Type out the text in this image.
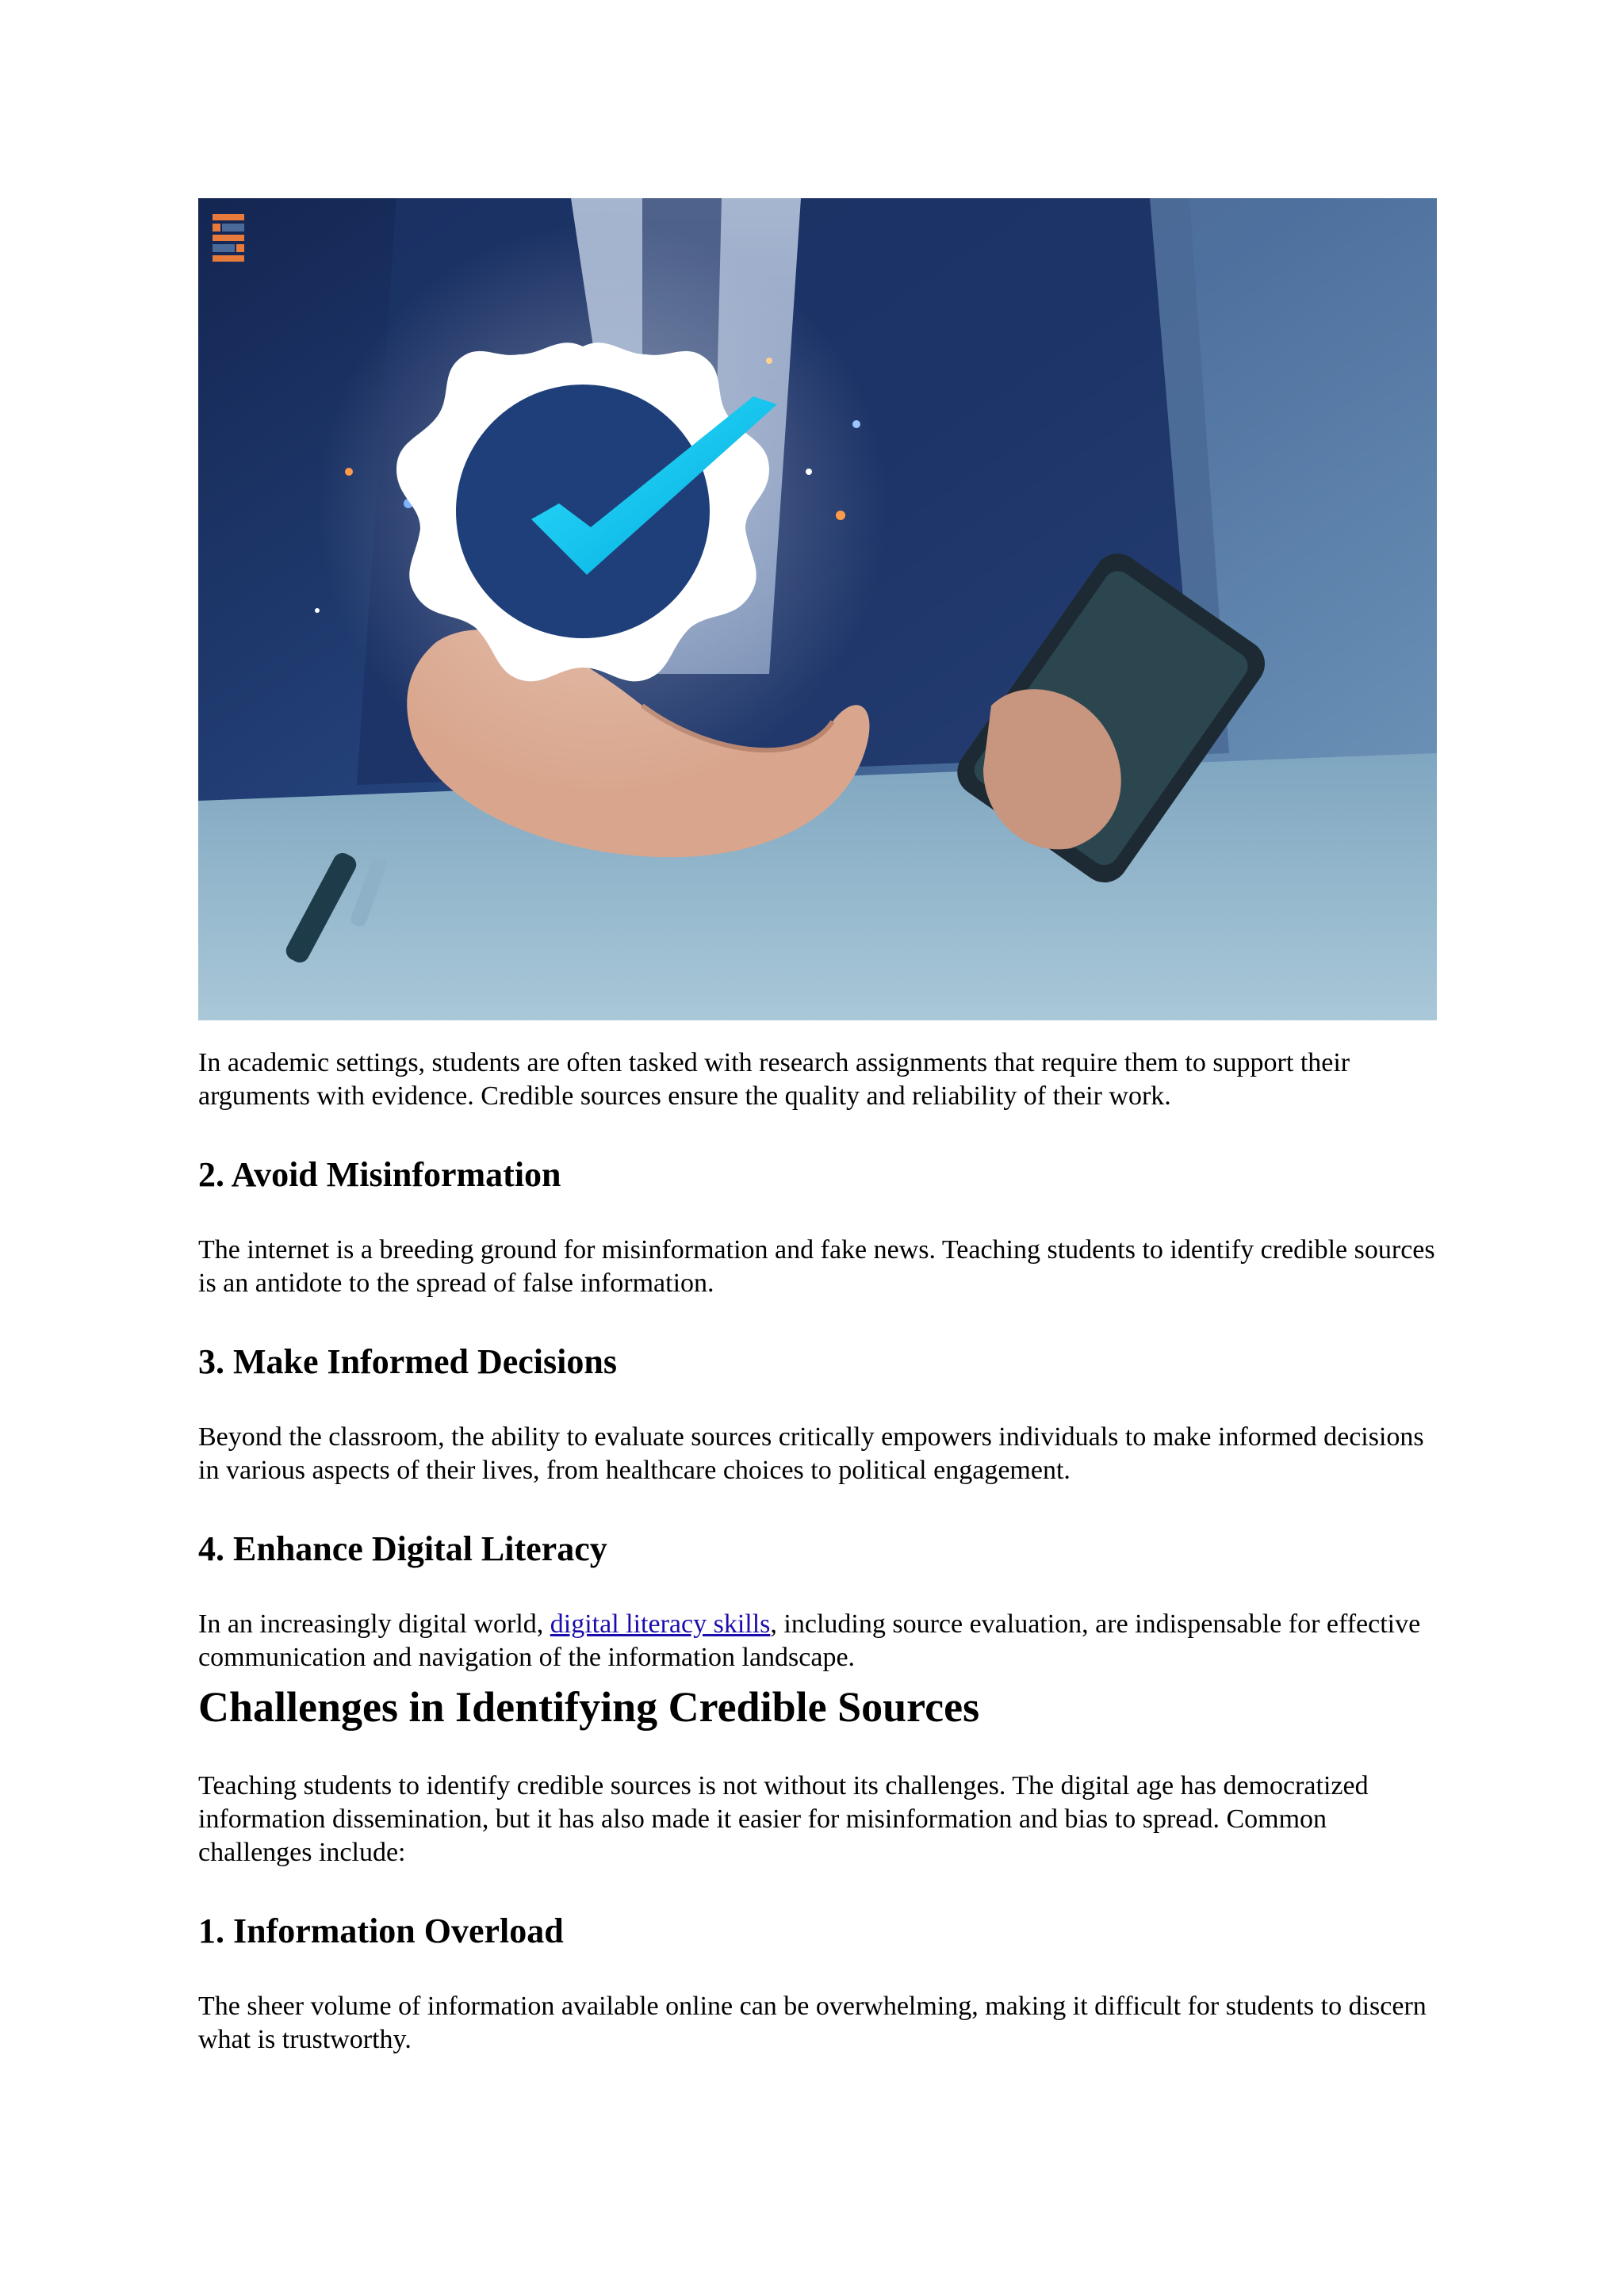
In academic settings, students are often tasked with research assignments that require them to support their arguments with evidence. Credible sources ensure the quality and reliability of their work.

2. Avoid Misinformation

The internet is a breeding ground for misinformation and fake news. Teaching students to identify credible sources is an antidote to the spread of false information.

3. Make Informed Decisions

Beyond the classroom, the ability to evaluate sources critically empowers individuals to make informed decisions in various aspects of their lives, from healthcare choices to political engagement.

4. Enhance Digital Literacy

In an increasingly digital world, digital literacy skills, including source evaluation, are indispensable for effective communication and navigation of the information landscape.

Challenges in Identifying Credible Sources

Teaching students to identify credible sources is not without its challenges. The digital age has democratized information dissemination, but it has also made it easier for misinformation and bias to spread. Common challenges include:

1. Information Overload

The sheer volume of information available online can be overwhelming, making it difficult for students to discern what is trustworthy.
